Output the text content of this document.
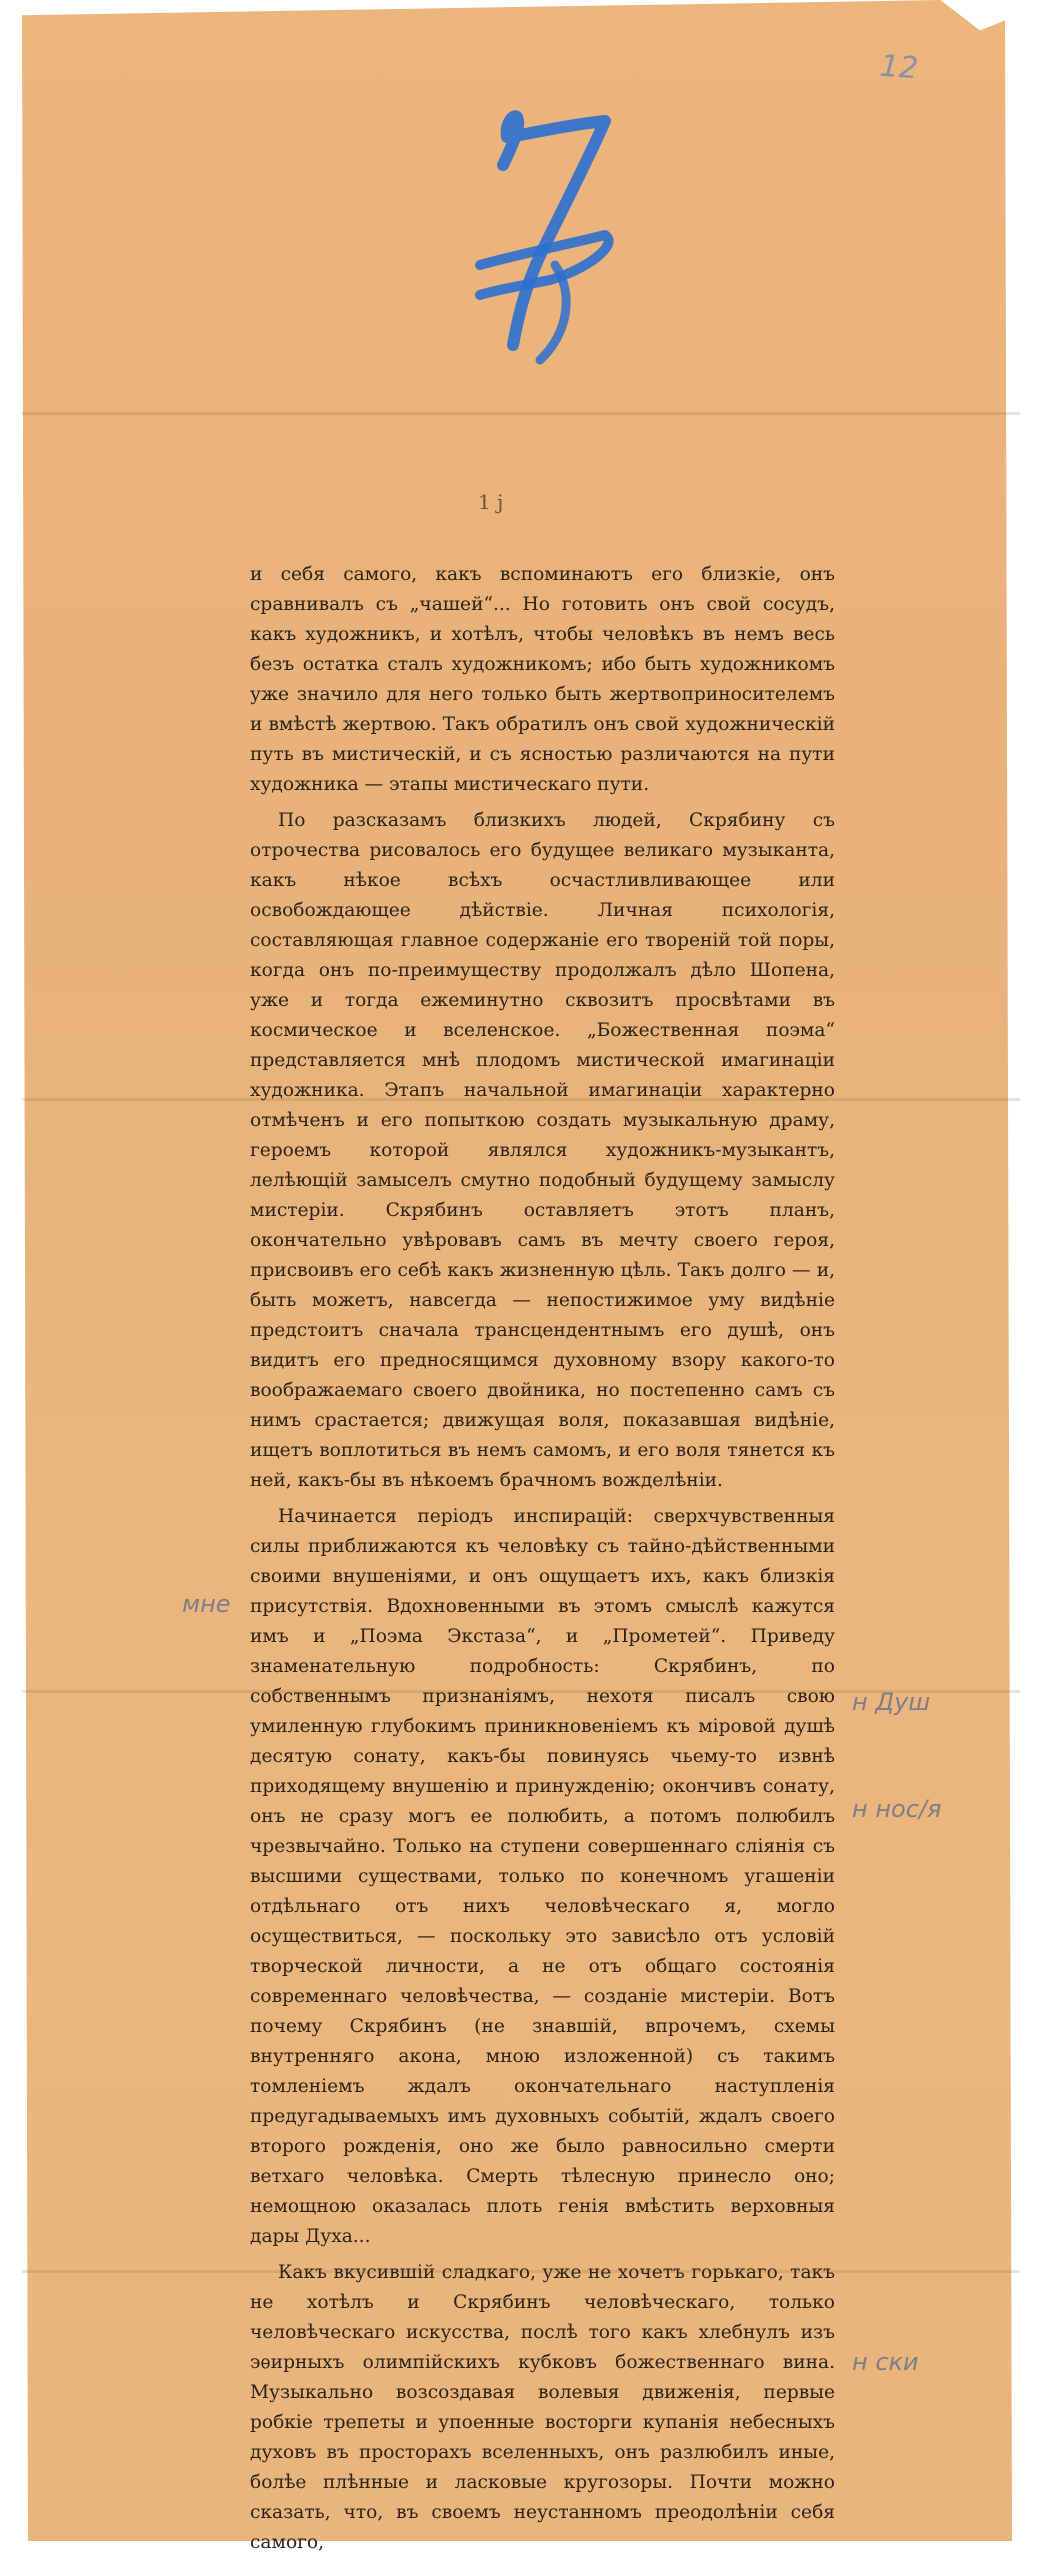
12
1 j

и себя самого, какъ вспоминаютъ его близкіе, онъ сравнивалъ съ „чашей“... Но готовить онъ свой сосудъ, какъ художникъ, и хотѣлъ, чтобы человѣкъ въ немъ весь безъ остатка сталъ художникомъ; ибо быть художникомъ уже значило для него только быть жертвоприносителемъ и вмѣстѣ жертвою. Такъ обратилъ онъ свой художническій путь въ мистическій, и съ ясностью различаются на пути художника — этапы мистическаго пути.

По разсказамъ близкихъ людей, Скрябину съ отрочества рисовалось его будущее великаго музыканта, какъ нѣкое всѣхъ осчастливливающее или освобождающее дѣйствіе. Личная психологія, составляющая главное содержаніе его твореній той поры, когда онъ по-преимуществу продолжалъ дѣло Шопена, уже и тогда ежеминутно сквозитъ просвѣтами въ космическое и вселенское. „Божественная поэма“ представляется мнѣ плодомъ мистической имагинаціи художника. Этапъ начальной имагинаціи характерно отмѣченъ и его попыткою создать музыкальную драму, героемъ которой являлся художникъ-музыкантъ, лелѣющій замыселъ смутно подобный будущему замыслу мистеріи. Скрябинъ оставляетъ этотъ планъ, окончательно увѣровавъ самъ въ мечту своего героя, присвоивъ его себѣ какъ жизненную цѣль. Такъ долго — и, быть можетъ, навсегда — непостижимое уму видѣніе предстоитъ сначала трансцендентнымъ его душѣ, онъ видитъ его предносящимся духовному взору какого-то воображаемаго своего двойника, но постепенно самъ съ нимъ срастается; движущая воля, показавшая видѣніе, ищетъ воплотиться въ немъ самомъ, и его воля тянется къ ней, какъ-бы въ нѣкоемъ брачномъ вожделѣніи.

Начинается періодъ инспирацій: сверхчувственныя силы приближаются къ человѣку съ тайно-дѣйственными своими внушеніями, и онъ ощущаетъ ихъ, какъ близкія присутствія. Вдохновенными въ этомъ смыслѣ кажутся имъ и „Поэма Экстаза“, и „Прометей“. Приведу знаменательную подробность: Скрябинъ, по собственнымъ признаніямъ, нехотя писалъ свою умиленную глубокимъ приникновеніемъ къ міровой душѣ десятую сонату, какъ-бы повинуясь чьему-то извнѣ приходящему внушенію и принужденію; окончивъ сонату, онъ не сразу могъ ее полюбить, а потомъ полюбилъ чрезвычайно. Только на ступени совершеннаго сліянія съ высшими существами, только по конечномъ угашеніи отдѣльнаго отъ нихъ человѣческаго я, могло осуществиться, — поскольку это зависѣло отъ условій творческой личности, а не отъ общаго состоянія современнаго человѣчества, — созданіе мистеріи. Вотъ почему Скрябинъ (не знавшій, впрочемъ, схемы внутренняго акона, мною изложенной) съ такимъ томленіемъ ждалъ окончательнаго наступленія предугадываемыхъ имъ духовныхъ событій, ждалъ своего второго рожденія, оно же было равносильно смерти ветхаго человѣка. Смерть тѣлесную принесло оно; немощною оказалась плоть генія вмѣстить верховныя дары Духа...

Какъ вкусившій сладкаго, уже не хочетъ горькаго, такъ не хотѣлъ и Скрябинъ человѣческаго, только человѣческаго искусства, послѣ того какъ хлебнулъ изъ эѳирныхъ олимпійскихъ кубковъ божественнаго вина. Музыкально возсоздавая волевыя движенія, первые робкіе трепеты и упоенные восторги купанія небесныхъ духовъ въ просторахъ вселенныхъ, онъ разлюбилъ иные, болѣе плѣнные и ласковые кругозоры. Почти можно сказать, что, въ своемъ неустанномъ преодолѣніи себя самого,

мне
н Душ
н нос/я
н ски
